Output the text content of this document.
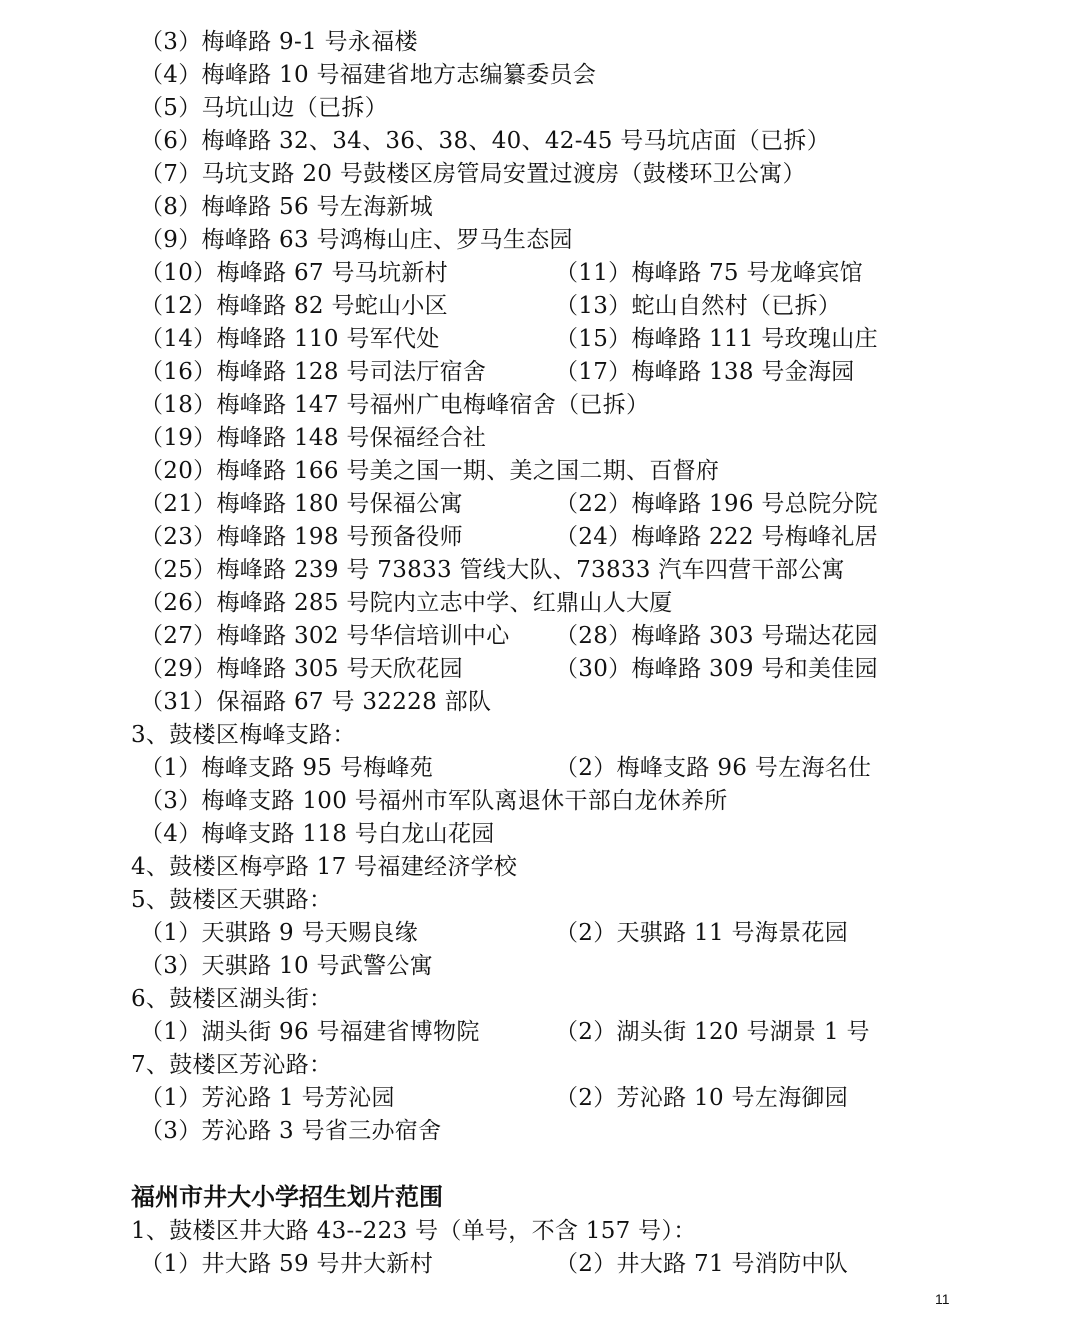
（3）梅峰路 9-1 号永福楼
（4）梅峰路 10 号福建省地方志编纂委员会
（5）马坑山边（已拆）
（6）梅峰路 32、34、36、38、40、42-45 号马坑店面（已拆）
（7）马坑支路 20 号鼓楼区房管局安置过渡房（鼓楼环卫公寓）
（8）梅峰路 56 号左海新城
（9）梅峰路 63 号鸿梅山庄、罗马生态园
（10）梅峰路 67 号马坑新村	（11）梅峰路 75 号龙峰宾馆
（12）梅峰路 82 号蛇山小区	（13）蛇山自然村（已拆）
（14）梅峰路 110 号军代处	（15）梅峰路 111 号玫瑰山庄
（16）梅峰路 128 号司法厅宿舍	（17）梅峰路 138 号金海园
（18）梅峰路 147 号福州广电梅峰宿舍（已拆）
（19）梅峰路 148 号保福经合社
（20）梅峰路 166 号美之国一期、美之国二期、百督府
（21）梅峰路 180 号保福公寓	（22）梅峰路 196 号总院分院
（23）梅峰路 198 号预备役师	（24）梅峰路 222 号梅峰礼居
（25）梅峰路 239 号 73833 管线大队、73833 汽车四营干部公寓
（26）梅峰路 285 号院内立志中学、红鼎山人大厦
（27）梅峰路 302 号华信培训中心 （28）梅峰路 303 号瑞达花园
（29）梅峰路 305 号天欣花园	（30）梅峰路 309 号和美佳园
（31）保福路 67 号 32228 部队
3、鼓楼区梅峰支路：
（1）梅峰支路 95 号梅峰苑	（2）梅峰支路 96 号左海名仕
（3）梅峰支路 100 号福州市军队离退休干部白龙休养所
（4）梅峰支路 118 号白龙山花园
4、鼓楼区梅亭路 17 号福建经济学校
5、鼓楼区天骐路：
（1）天骐路 9 号天赐良缘	（2）天骐路 11 号海景花园
（3）天骐路 10 号武警公寓
6、鼓楼区湖头街：
（1）湖头街 96 号福建省博物院	（2）湖头街 120 号湖景 1 号
7、鼓楼区芳沁路：
（1）芳沁路 1 号芳沁园	（2）芳沁路 10 号左海御园
（3）芳沁路 3 号省三办宿舍
福州市井大小学招生划片范围
1、鼓楼区井大路 43--223 号（单号，不含 157 号）：
（1）井大路 59 号井大新村	（2）井大路 71 号消防中队
11
